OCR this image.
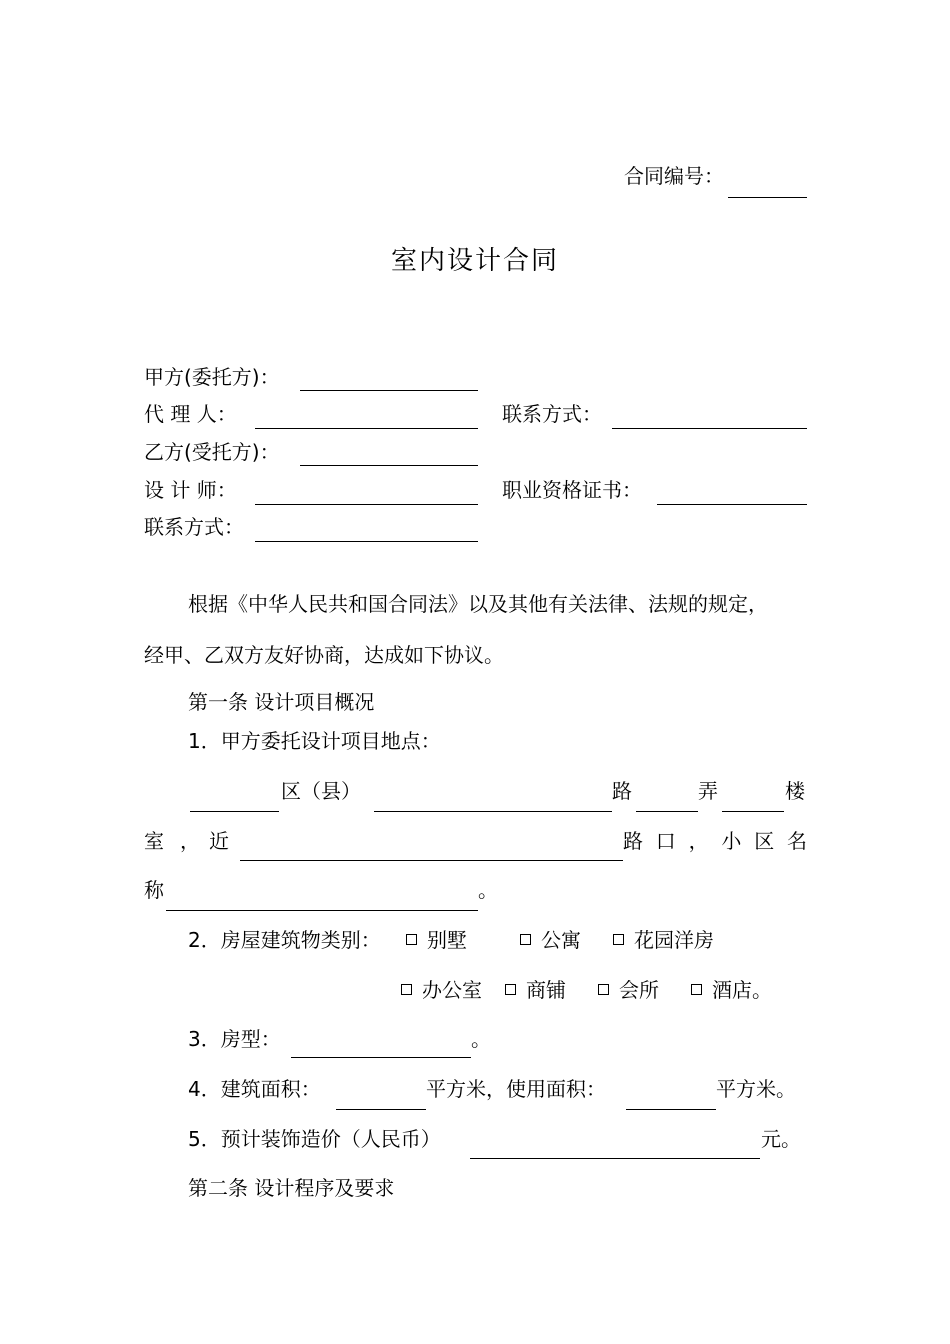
合同编号：
室内设计合同
甲方(委托方)：
代 理 人：	联系方式：
乙方(受托方)：
设 计 师：	职业资格证书：
联系方式：
根据《中华人民共和国合同法》以及其他有关法律、法规的规定，
经甲、乙双方友好协商，达成如下协议。
第一条 设计项目概况
1．甲方委托设计项目地点：
区（县）	路	弄	楼
室 ， 近	路 口 ， 小 区 名
称	。
2．房屋建筑物类别：	别墅	公寓	花园洋房
办公室	商铺	会所	酒店。
3．房型：	。
4．建筑面积：	平方米，使用面积：	平方米。
5．预计装饰造价（人民币）	元。
第二条 设计程序及要求
